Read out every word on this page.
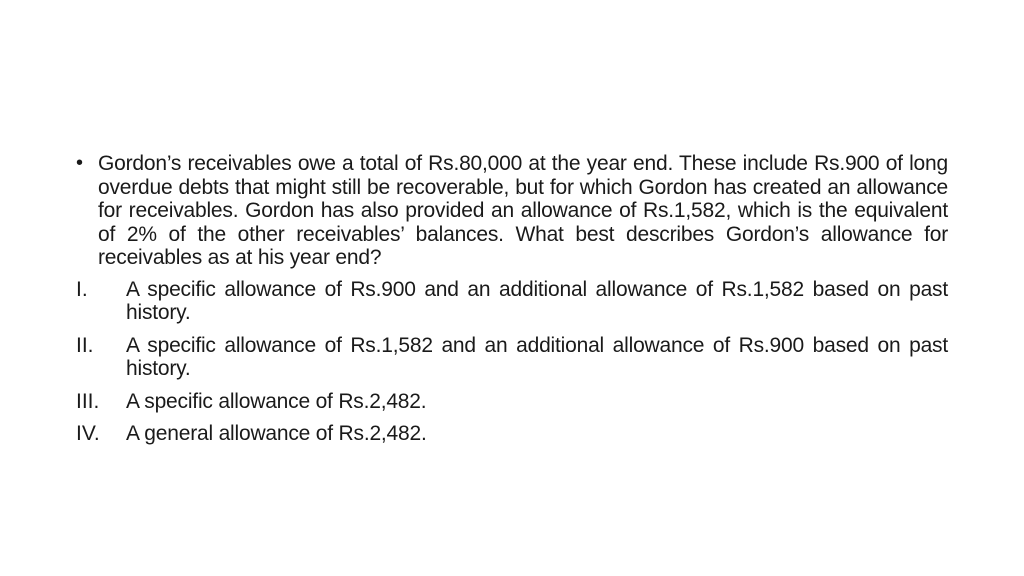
• Gordon’s receivables owe a total of Rs.80,000 at the year end. These include Rs.900 of long overdue debts that might still be recoverable, but for which Gordon has created an allowance for receivables. Gordon has also provided an allowance of Rs.1,582, which is the equivalent of 2% of the other receivables’ balances. What best describes Gordon’s allowance for receivables as at his year end?
I.	A specific allowance of Rs.900 and an additional allowance of Rs.1,582 based on past history.
II.	A specific allowance of Rs.1,582 and an additional allowance of Rs.900 based on past history.
III.	A specific allowance of Rs.2,482.
IV.	A general allowance of Rs.2,482.
